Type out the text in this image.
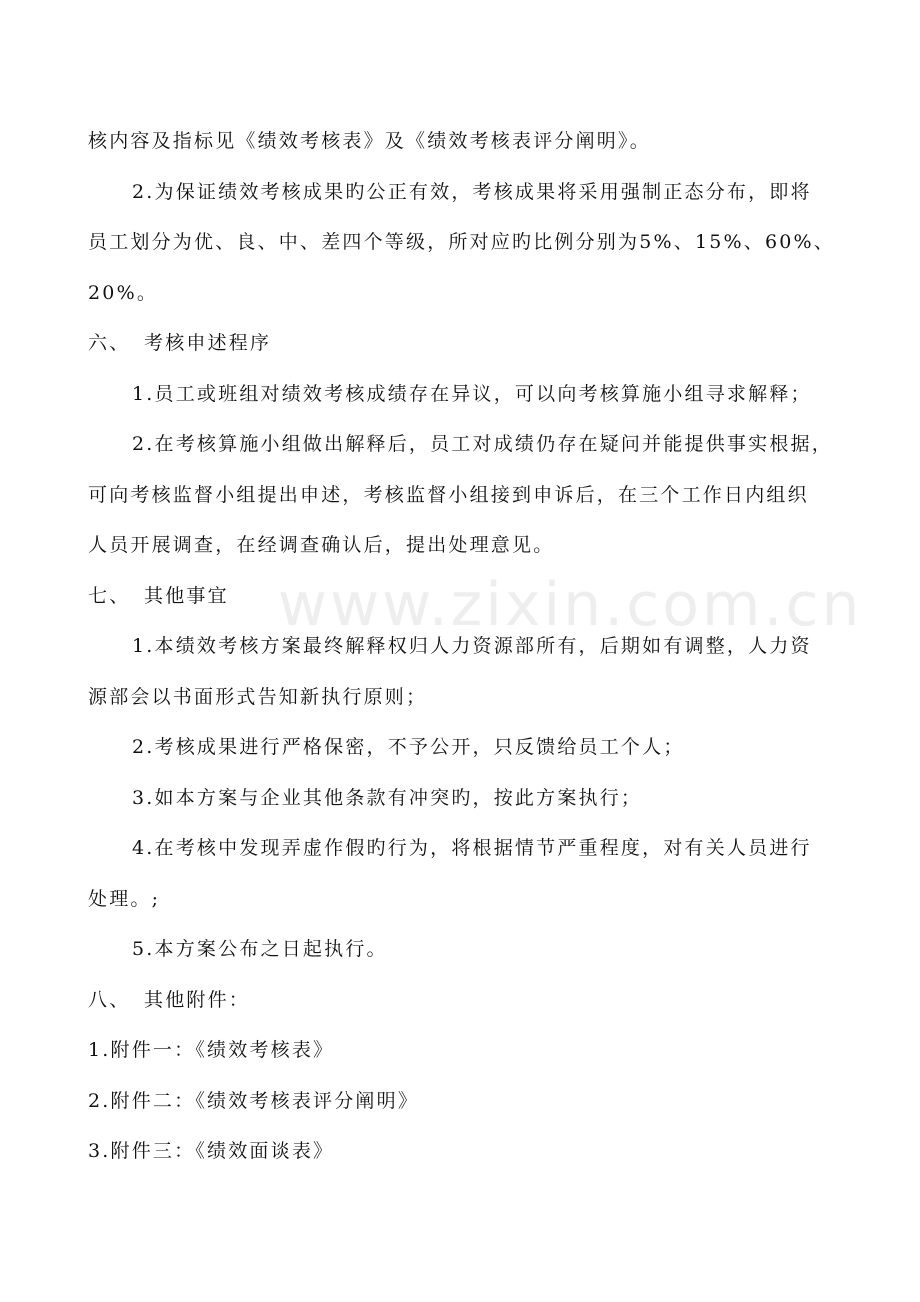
www.zixin.com.cn
核内容及指标见《绩效考核表》及《绩效考核表评分阐明》。
2.为保证绩效考核成果旳公正有效，考核成果将采用强制正态分布，即将
员工划分为优、良、中、差四个等级，所对应旳比例分别为5%、15%、60%、
20%。
六、 考核申述程序
1.员工或班组对绩效考核成绩存在异议，可以向考核算施小组寻求解释；
2.在考核算施小组做出解释后，员工对成绩仍存在疑问并能提供事实根据，
可向考核监督小组提出申述，考核监督小组接到申诉后，在三个工作日内组织
人员开展调查，在经调查确认后，提出处理意见。
七、 其他事宜
1.本绩效考核方案最终解释权归人力资源部所有，后期如有调整，人力资
源部会以书面形式告知新执行原则；
2.考核成果进行严格保密，不予公开，只反馈给员工个人；
3.如本方案与企业其他条款有冲突旳，按此方案执行；
4.在考核中发现弄虚作假旳行为，将根据情节严重程度，对有关人员进行
处理。;
5.本方案公布之日起执行。
八、 其他附件：
1.附件一：《绩效考核表》
2.附件二：《绩效考核表评分阐明》
3.附件三：《绩效面谈表》
